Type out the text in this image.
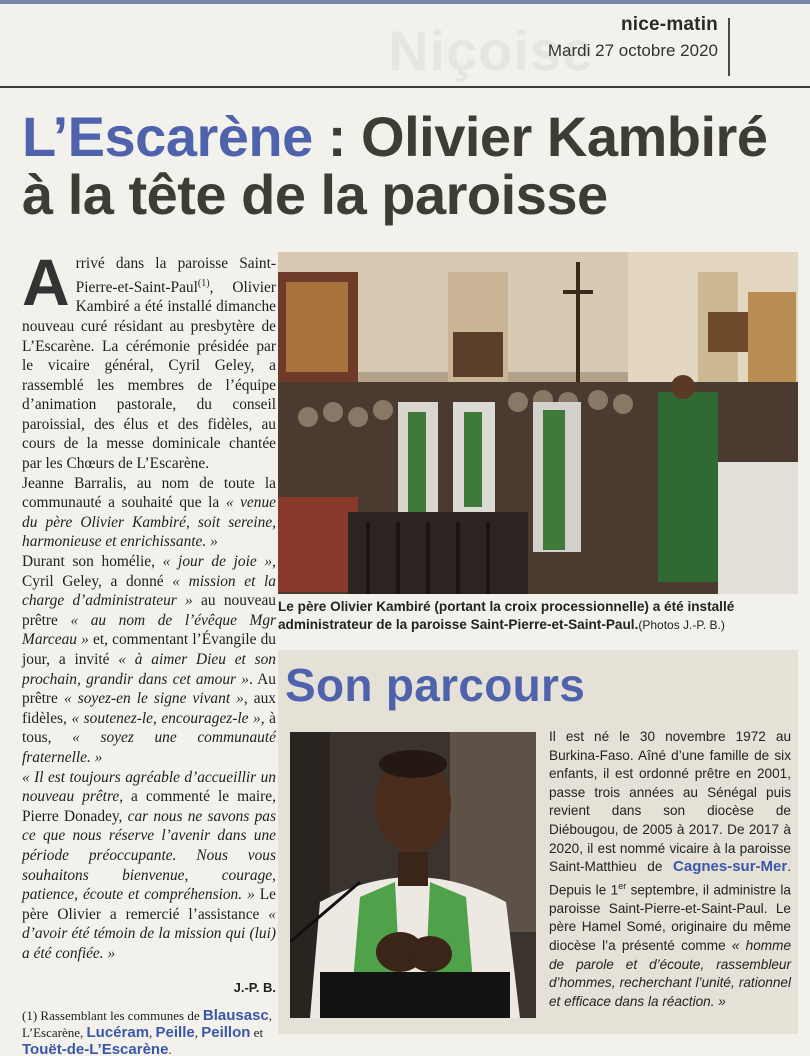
Niçoise	nice-matin
Mardi 27 octobre 2020
L’Escarène : Olivier Kambiré
à la tête de la paroisse

Arrivé dans la paroisse Saint-Pierre-et-Saint-Paul$^{(1)}$, Olivier Kambiré a été installé dimanche nouveau curé résidant au presbytère de L’Escarène. La cérémonie présidée par le vicaire général, Cyril Geley, a rassemblé les membres de l’équipe d’animation pastorale, du conseil paroissial, des élus et des fidèles, au cours de la messe dominicale chantée par les Chœurs de L’Escarène.

Jeanne Barralis, au nom de toute la communauté a souhaité que la « venue du père Olivier Kambiré, soit sereine, harmonieuse et enrichissante. »

Durant son homélie, « jour de joie », Cyril Geley, a donné « mission et la charge d’administrateur » au nouveau prêtre « au nom de l’évêque Mgr Marceau » et, commentant l’Évangile du jour, a invité « à aimer Dieu et son prochain, grandir dans cet amour ». Au prêtre « soyez-en le signe vivant », aux fidèles, « soutenez-le, encouragez-le », à tous, « soyez une communauté fraternelle. »

« Il est toujours agréable d’accueillir un nouveau prêtre, a commenté le maire, Pierre Donadey, car nous ne savons pas ce que nous réserve l’avenir dans une période préoccupante. Nous vous souhaitons bienvenue, courage, patience, écoute et compréhension. » Le père Olivier a remercié l’assistance « d’avoir été témoin de la mission qui (lui) a été confiée. »

J.-P. B.
(1) Rassemblant les communes de Blausasc, L’Escarène, Lucéram, Peille, Peillon et Touët-de-L’Escarène.
Le père Olivier Kambiré (portant la croix processionnelle) a été installé administrateur de la paroisse Saint-Pierre-et-Saint-Paul.(Photos J.-P. B.)
Son parcours
Il est né le 30 novembre 1972 au Burkina-Faso. Aîné d’une famille de six enfants, il est ordonné prêtre en 2001, passe trois années au Sénégal puis revient dans son diocèse de Diébougou, de 2005 à 2017. De 2017 à 2020, il est nommé vicaire à la paroisse Saint-Matthieu de Cagnes-sur-Mer. Depuis le 1er septembre, il administre la paroisse Saint-Pierre-et-Saint-Paul. Le père Hamel Somé, originaire du même diocèse l’a présenté comme « homme de parole et d’écoute, rassembleur d’hommes, recherchant l’unité, rationnel et efficace dans la réaction. »
